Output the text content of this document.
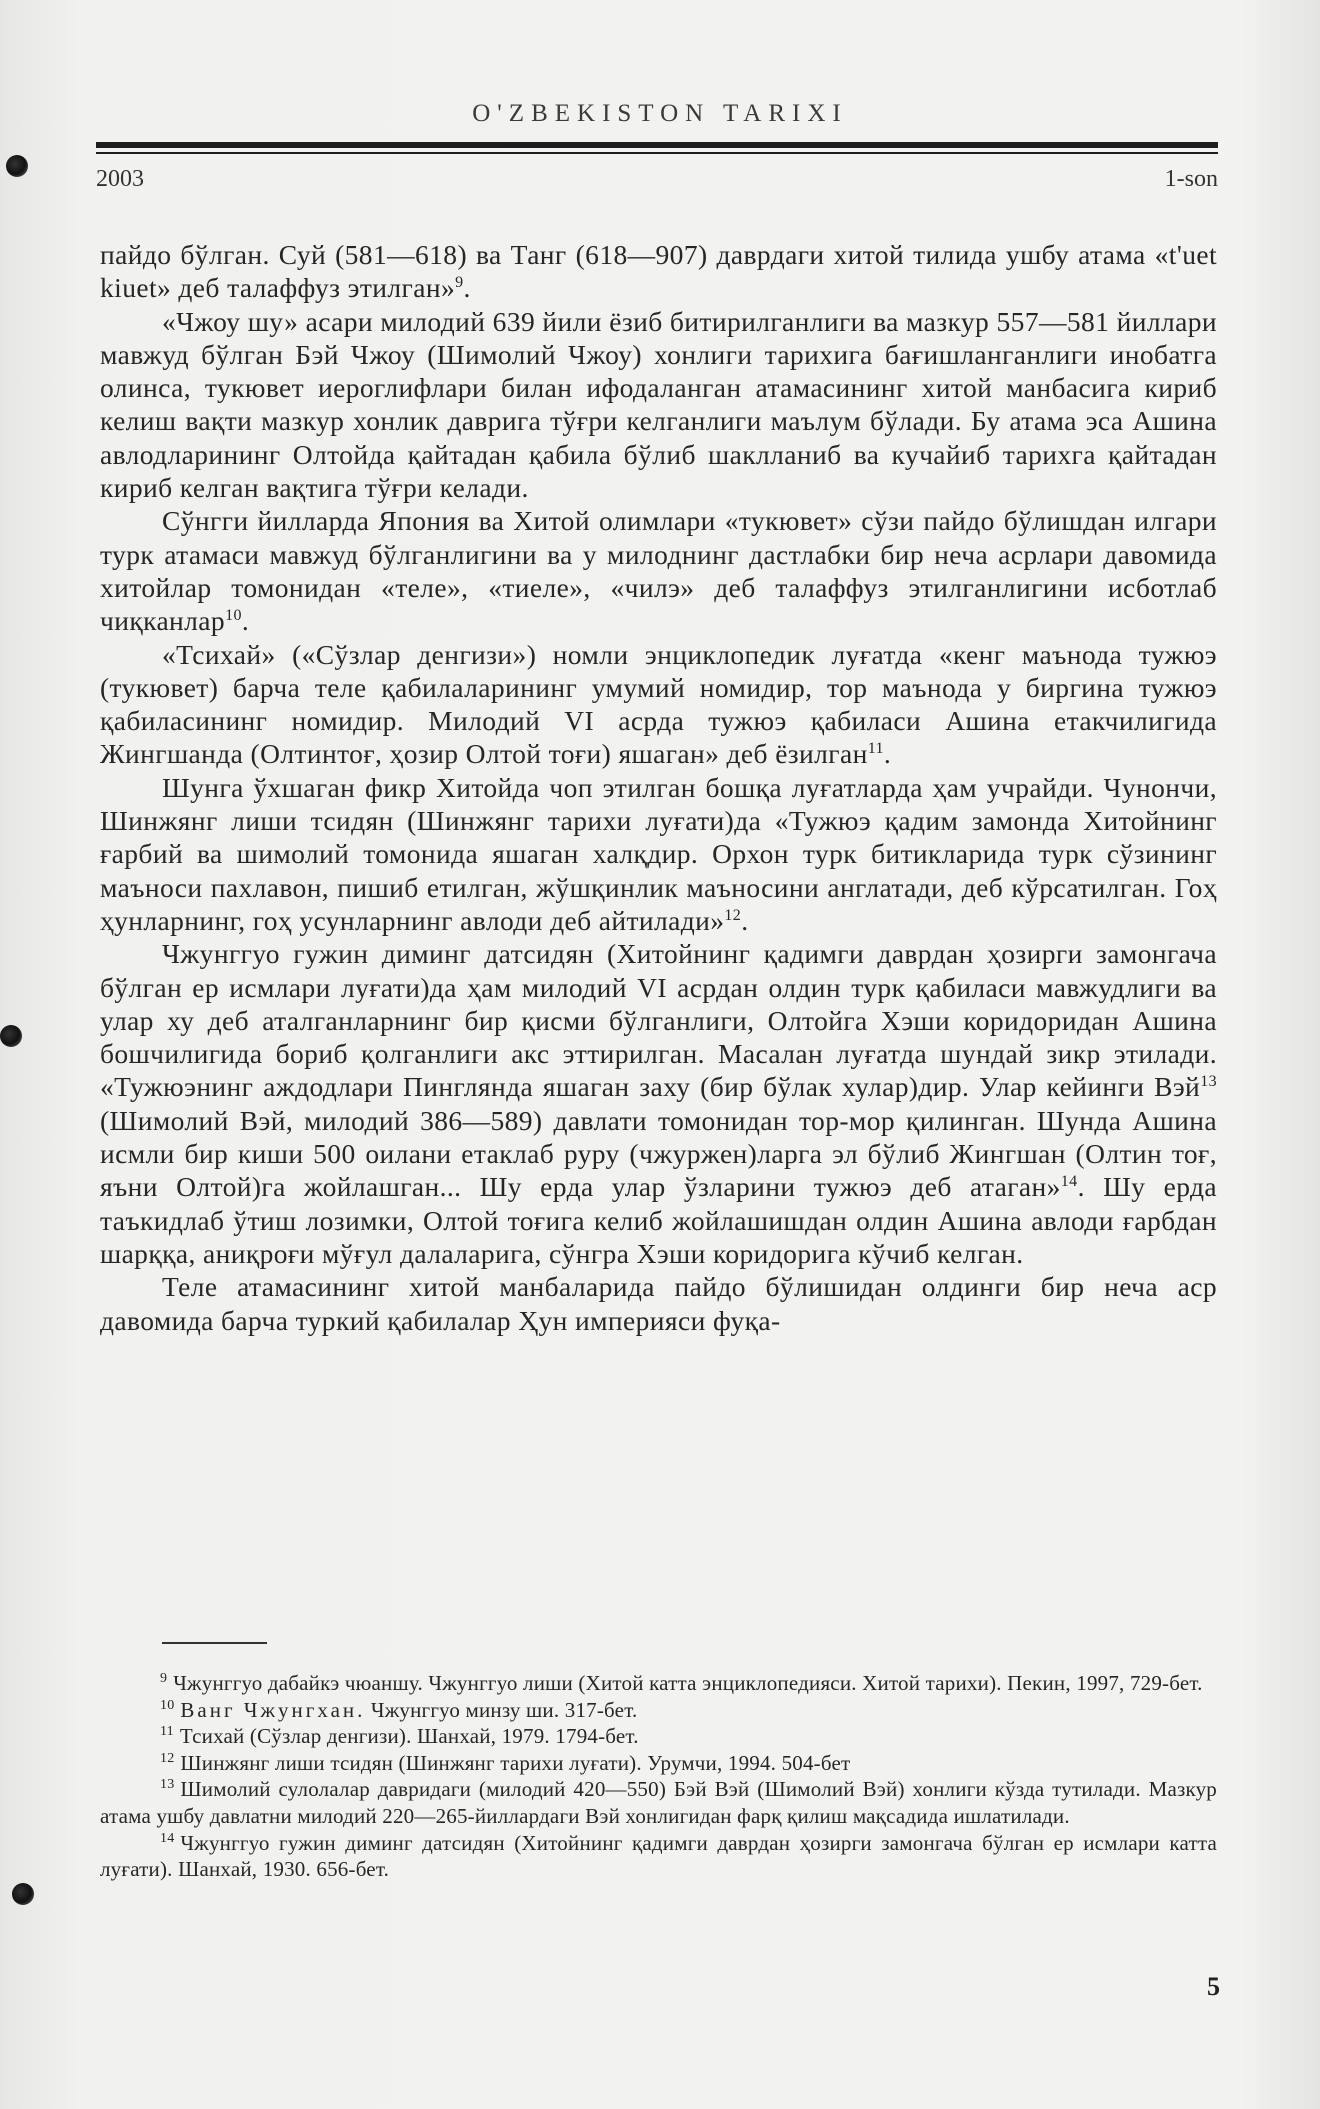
O'ZBEKISTON TARIXI
2003	1-son

пайдо бўлган. Суй (581—618) ва Танг (618—907) даврдаги хитой тилида ушбу атама «t'uet kiuet» деб талаффуз этилган»$^9$.

«Чжоу шу» асари милодий 639 йили ёзиб битирилганлиги ва мазкур 557—581 йиллари мавжуд бўлган Бэй Чжоу (Шимолий Чжоу) хонлиги тарихига бағишланганлиги инобатга олинса, тукювет иероглифлари билан ифодаланган атамасининг хитой манбасига кириб келиш вақти мазкур хонлик даврига тўғри келганлиги маълум бўлади. Бу атама эса Ашина авлодларининг Олтойда қайтадан қабила бўлиб шаклланиб ва кучайиб тарихга қайтадан кириб келган вақтига тўғри келади.

Сўнгги йилларда Япония ва Хитой олимлари «тукювет» сўзи пайдо бўлишдан илгари турк атамаси мавжуд бўлганлигини ва у милоднинг дастлабки бир неча асрлари давомида хитойлар томонидан «теле», «тиеле», «чилэ» деб талаффуз этилганлигини исботлаб чиқканлар$^{10}$.

«Тсихай» («Сўзлар денгизи») номли энциклопедик луғатда «кенг маънода тужюэ (тукювет) барча теле қабилаларининг умумий номидир, тор маънода у биргина тужюэ қабиласининг номидир. Милодий VI асрда тужюэ қабиласи Ашина етакчилигида Жингшанда (Олтинтоғ, ҳозир Олтой тоғи) яшаган» деб ёзилган$^{11}$.

Шунга ўхшаган фикр Хитойда чоп этилган бошқа луғатларда ҳам учрайди. Чунончи, Шинжянг лиши тсидян (Шинжянг тарихи луғати)да «Тужюэ қадим замонда Хитойнинг ғарбий ва шимолий томонида яшаган халқдир. Орхон турк битикларида турк сўзининг маъноси пахлавон, пишиб етилган, жўшқинлик маъносини англатади, деб кўрсатилган. Гоҳ ҳунларнинг, гоҳ усунларнинг авлоди деб айтилади»$^{12}$.

Чжунггуо гужин диминг датсидян (Хитойнинг қадимги даврдан ҳозирги замонгача бўлган ер исмлари луғати)да ҳам милодий VI асрдан олдин турк қабиласи мавжудлиги ва улар ху деб аталганларнинг бир қисми бўлганлиги, Олтойга Хэши коридоридан Ашина бошчилигида бориб қолганлиги акс эттирилган. Масалан луғатда шундай зикр этилади. «Тужюэнинг аждодлари Пинглянда яшаган заху (бир бўлак хулар)дир. Улар кейинги Вэй$^{13}$ (Шимолий Вэй, милодий 386—589) давлати томонидан тор-мор қилинган. Шунда Ашина исмли бир киши 500 оилани етаклаб руру (чжуржен)ларга эл бўлиб Жингшан (Олтин тоғ, яъни Олтой)га жойлашган... Шу ерда улар ўзларини тужюэ деб атаган»$^{14}$. Шу ерда таъкидлаб ўтиш лозимки, Олтой тоғига келиб жойлашишдан олдин Ашина авлоди ғарбдан шарққа, аниқроғи мўғул далаларига, сўнгра Хэши коридорига кўчиб келган.

Теле атамасининг хитой манбаларида пайдо бўлишидан олдинги бир неча аср давомида барча туркий қабилалар Ҳун империяси фуқа-

$^9$ Чжунггуо дабайкэ чюаншу. Чжунггуо лиши (Хитой катта энциклопедияси. Хитой тарихи). Пекин, 1997, 729-бет.

$^{10}$ Ванг Чжунгхан. Чжунггуо минзу ши. 317-бет.

$^{11}$ Тсихай (Сўзлар денгизи). Шанхай, 1979. 1794-бет.

$^{12}$ Шинжянг лиши тсидян (Шинжянг тарихи луғати). Урумчи, 1994. 504-бет

$^{13}$ Шимолий сулолалар давридаги (милодий 420—550) Бэй Вэй (Шимолий Вэй) хонлиги кўзда тутилади. Мазкур атама ушбу давлатни милодий 220—265-йиллардаги Вэй хонлигидан фарқ қилиш мақсадида ишлатилади.

$^{14}$ Чжунггуо гужин диминг датсидян (Хитойнинг қадимги даврдан ҳозирги замонгача бўлган ер исмлари катта луғати). Шанхай, 1930. 656-бет.

5
